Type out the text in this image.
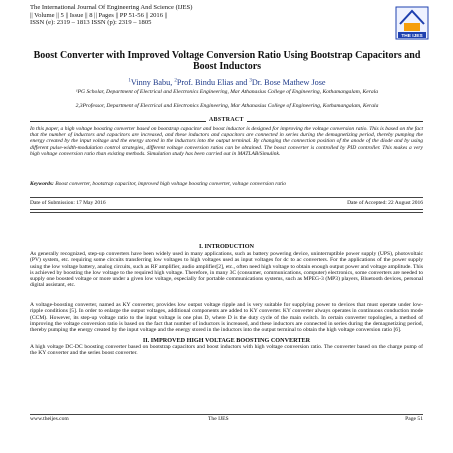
The International Journal Of Engineering And Science (IJES)
|| Volume || 5 || Issue || 8 || Pages || PP 51-56 || 2016 ||
ISSN (e): 2319 – 1813 ISSN (p): 2319 – 1805
THE IJES
Boost Converter with Improved Voltage Conversion Ratio Using Bootstrap Capacitors and Boost Inductors
$^1$Vinny Babu, $^2$Prof. Bindu Elias and $^3$Dr. Bose Mathew Jose
¹PG Scholar, Department of Electrical and Electronics Engineering, Mar Athanasius College of Engineering, Kothamangalam, Kerala
2,3Professor, Department of Electrical and Electronics Engineering, Mar Athanasius College of Engineering, Kothamangalam, Kerala
ABSTRACT
In this paper, a high voltage boosting converter based on bootstrap capacitor and boost inductor is designed for improving the voltage conversion ratio. This is based on the fact that the number of inductors and capacitors are increased, and these inductors and capacitors are connected in series during the demagnetizing period, thereby pumping the energy created by the input voltage and the energy stored in the inductors into the output terminal. By changing the connection position of the anode of the diode and by using different pulse-width-modulation control strategies, different voltage conversion ratios can be obtained. The boost converter is controlled by PID controller. This makes a very high voltage conversion ratio than existing methods. Simulation study has been carried out in MATLAB/Simulink.
Keywords: Boost converter, bootstrap capacitor, improved high voltage boosting converter, voltage conversion ratio
Date of Submission: 17 May 2016	Date of Accepted: 22 August 2016
I. INTRODUCTION
As generally recognized, step-up converters have been widely used in many applications, such as battery powering device, uninterruptible power supply (UPS), photovoltaic (PV) system, etc. requiring some circuits transferring low voltages to high voltages used as input voltages for dc to ac converters. For the applications of the power supply using the low voltage battery, analog circuits, such as RF amplifier, audio amplifier[2], etc., often need high voltage to obtain enough output power and voltage amplitude. This is achieved by boosting the low voltage to the required high voltage. Therefore, in many 3C (consumer, communications, computer) electronics, some converters are needed to supply one boosted voltage or more under a given low voltage, especially for portable communications systems, such as MPEG-3 (MP3) players, Bluetooth devices, personal digital assistant, etc.
A voltage-boosting converter, named as KY converter, provides low output voltage ripple and is very suitable for supplying power to devices that must operate under low-ripple conditions [5]. In order to enlarge the output voltages, additional components are added to KY converter. KY converter always operates in continuous conduction mode (CCM). However, its step-up voltage ratio to the input voltage is one plus D, where D is the duty cycle of the main switch. In certain converter topologies, a method of improving the voltage conversion ratio is based on the fact that number of inductors is increased, and these inductors are connected in series during the demagnetizing period, thereby pumping the energy created by the input voltage and the energy stored in the inductors into the output terminal to obtain the high voltage conversion ratio [6].
II. IMPROVED HIGH VOLTAGE BOOSTING CONVERTER
A high voltage DC-DC boosting converter based on bootstrap capacitors and boost inductors with high voltage conversion ratio. The converter based on the charge pump of the KY converter and the series boost converter.
www.theijes.com	The IJES	Page 51
